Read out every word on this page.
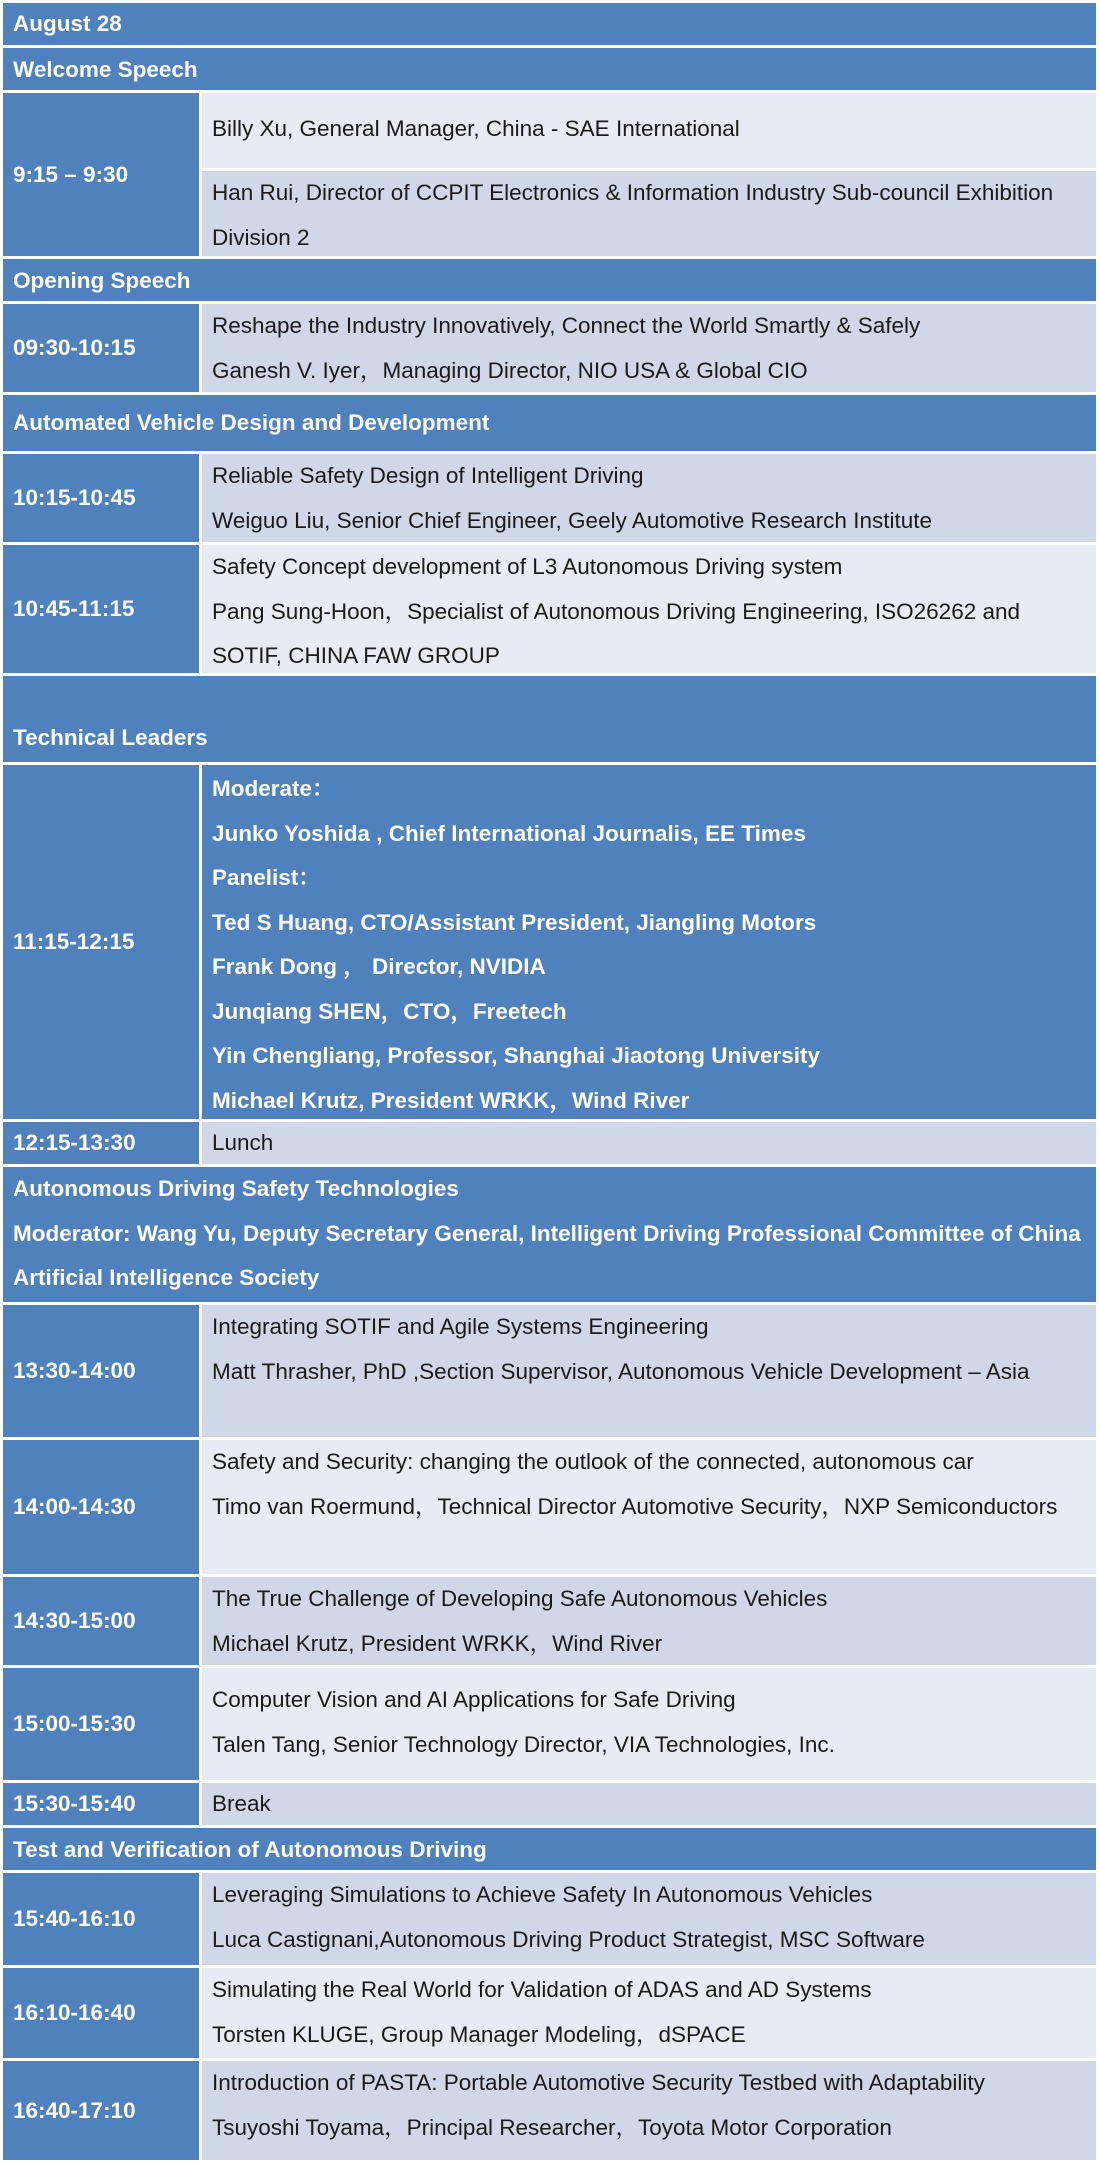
August 28
Welcome Speech
9:15 – 9:30
Billy Xu, General Manager, China - SAE International
Han Rui, Director of CCPIT Electronics & Information Industry Sub-council Exhibition Division 2
Opening Speech
09:30-10:15
Reshape the Industry Innovatively, Connect the World Smartly & Safely
Ganesh V. Iyer，Managing Director, NIO USA & Global CIO
Automated Vehicle Design and Development
10:15-10:45
Reliable Safety Design of Intelligent Driving
Weiguo Liu, Senior Chief Engineer, Geely Automotive Research Institute
10:45-11:15
Safety Concept development of L3 Autonomous Driving system
Pang Sung-Hoon，Specialist of Autonomous Driving Engineering, ISO26262 and SOTIF, CHINA FAW GROUP
Technical Leaders
11:15-12:15
Moderate：
Junko Yoshida , Chief International Journalis, EE Times
Panelist：
Ted S Huang, CTO/Assistant President, Jiangling Motors
Frank Dong ， Director, NVIDIA
Junqiang SHEN，CTO，Freetech
Yin Chengliang, Professor, Shanghai Jiaotong University
Michael Krutz, President WRKK，Wind River
12:15-13:30	Lunch
Autonomous Driving Safety Technologies
Moderator: Wang Yu, Deputy Secretary General, Intelligent Driving Professional Committee of China Artificial Intelligence Society
13:30-14:00
Integrating SOTIF and Agile Systems Engineering
Matt Thrasher, PhD ,Section Supervisor, Autonomous Vehicle Development – Asia
14:00-14:30
Safety and Security: changing the outlook of the connected, autonomous car
Timo van Roermund，Technical Director Automotive Security，NXP Semiconductors
14:30-15:00
The True Challenge of Developing Safe Autonomous Vehicles
Michael Krutz, President WRKK，Wind River
15:00-15:30
Computer Vision and AI Applications for Safe Driving
Talen Tang, Senior Technology Director, VIA Technologies, Inc.
15:30-15:40	Break
Test and Verification of Autonomous Driving
15:40-16:10
Leveraging Simulations to Achieve Safety In Autonomous Vehicles
Luca Castignani,Autonomous Driving Product Strategist, MSC Software
16:10-16:40
Simulating the Real World for Validation of ADAS and AD Systems
Torsten KLUGE, Group Manager Modeling，dSPACE
16:40-17:10
Introduction of PASTA: Portable Automotive Security Testbed with Adaptability
Tsuyoshi Toyama，Principal Researcher，Toyota Motor Corporation
